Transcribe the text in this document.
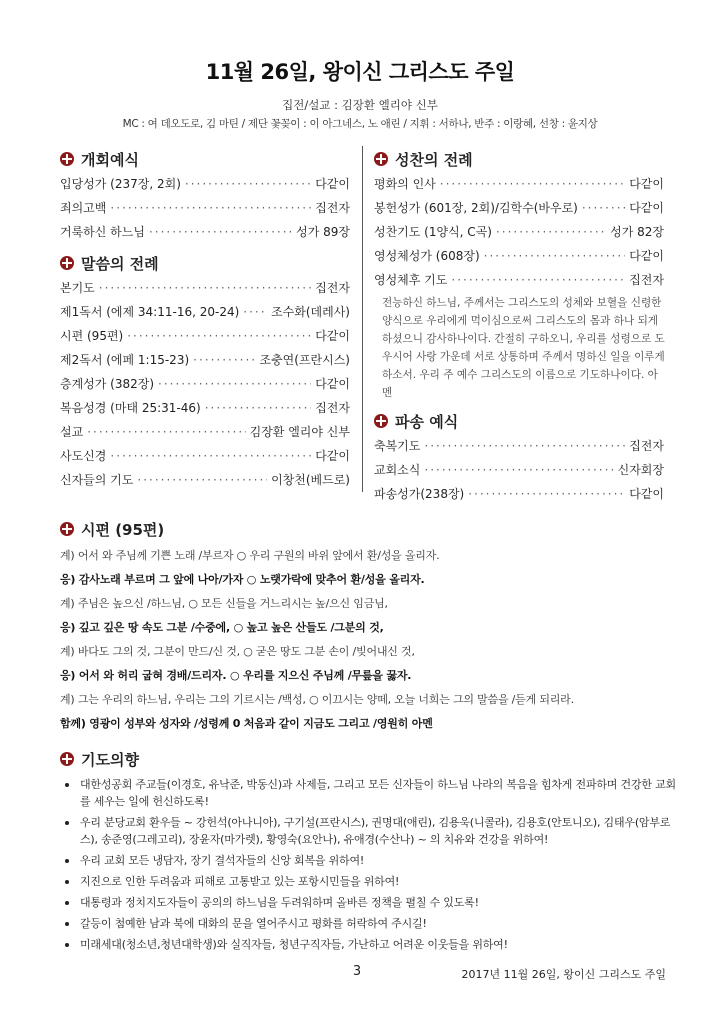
11월 26일, 왕이신 그리스도 주일
집전/설교 : 김장환 엘리야 신부
MC : 여 데오도로, 김 마틴 / 제단 꽃꽂이 : 이 아그네스, 노 애린 / 지휘 : 서하나, 반주 : 이랑혜, 선창 : 윤지상
개회예식
입당성가 (237장, 2회) ·····	다같이
죄의고백 ·····	집전자
거룩하신 하느님 ·····	성가 89장
말씀의 전례
본기도 ·····	집전자
제1독서 (에제 34:11-16, 20-24) ·····	조수화(데레사)
시편 (95편) ·····	다같이
제2독서 (에페 1:15-23) ·····	조충연(프란시스)
층계성가 (382장) ·····	다같이
복음성경 (마태 25:31-46) ·····	집전자
설교 ·····	김장환 엘리야 신부
사도신경 ·····	다같이
신자들의 기도 ·····	이창천(베드로)
성찬의 전례
평화의 인사 ·····	다같이
봉헌성가 (601장, 2회)/김학수(바우로) ·····	다같이
성찬기도 (1양식, C곡) ·····	성가 82장
영성체성가 (608장) ·····	다같이
영성체후 기도 ·····	집전자
전능하신 하느님, 주께서는 그리스도의 성체와 보혈을 신령한 양식으로 우리에게 먹이심으로써 그리스도의 몸과 하나 되게 하셨으니 감사하나이다. 간절히 구하오니, 우리를 성령으로 도우시어 사랑 가운데 서로 상통하며 주께서 명하신 일을 이루게 하소서. 우리 주 예수 그리스도의 이름으로 기도하나이다. 아멘
파송 예식
축복기도 ·····	집전자
교회소식 ·····	신자회장
파송성가(238장) ·····	다같이
시편 (95편)
계) 어서 와 주님께 기쁜 노래 /부르자 ○ 우리 구원의 바위 앞에서 환/성을 올리자.
응) 감사노래 부르며 그 앞에 나아/가자 ○ 노랫가락에 맞추어 환/성을 올리자.
계) 주님은 높으신 /하느님, ○ 모든 신들을 거느리시는 높/으신 임금님,
응) 깊고 깊은 땅 속도 그분 /수중에, ○ 높고 높은 산들도 /그분의 것,
계) 바다도 그의 것, 그분이 만드/신 것, ○ 굳은 땅도 그분 손이 /빚어내신 것,
응) 어서 와 허리 굽혀 경배/드리자. ○ 우리를 지으신 주님께 /무릎을 꿇자.
계) 그는 우리의 하느님, 우리는 그의 기르시는 /백성, ○ 이끄시는 양떼, 오늘 너희는 그의 말씀을 /듣게 되리라.
함께) 영광이 성부와 성자와 /성령께 0 처음과 같이 지금도 그리고 /영원히 아멘
기도의향
대한성공회 주교들(이경호, 유낙준, 박동신)과 사제들, 그리고 모든 신자들이 하느님 나라의 복음을 힘차게 전파하며 건강한 교회를 세우는 일에 헌신하도록!
우리 분당교회 환우들 ~ 강헌석(아나니아), 구기설(프란시스), 권명대(애린), 김용욱(니콜라), 김용호(안토니오), 김태우(암부로스), 송준영(그레고리), 장윤자(마가렛), 황영숙(요안나), 유애경(수산나) ~ 의 치유와 건강을 위하여!
우리 교회 모든 냉담자, 장기 결석자들의 신앙 회복을 위하여!
지진으로 인한 두려움과 피해로 고통받고 있는 포항시민들을 위하여!
대통령과 정치지도자들이 공의의 하느님을 두려워하며 올바른 정책을 펼칠 수 있도록!
갈등이 첨예한 남과 북에 대화의 문을 열어주시고 평화를 허락하여 주시길!
미래세대(청소년,청년대학생)와 실직자들, 청년구직자들, 가난하고 어려운 이웃들을 위하여!
3	2017년 11월 26일, 왕이신 그리스도 주일
